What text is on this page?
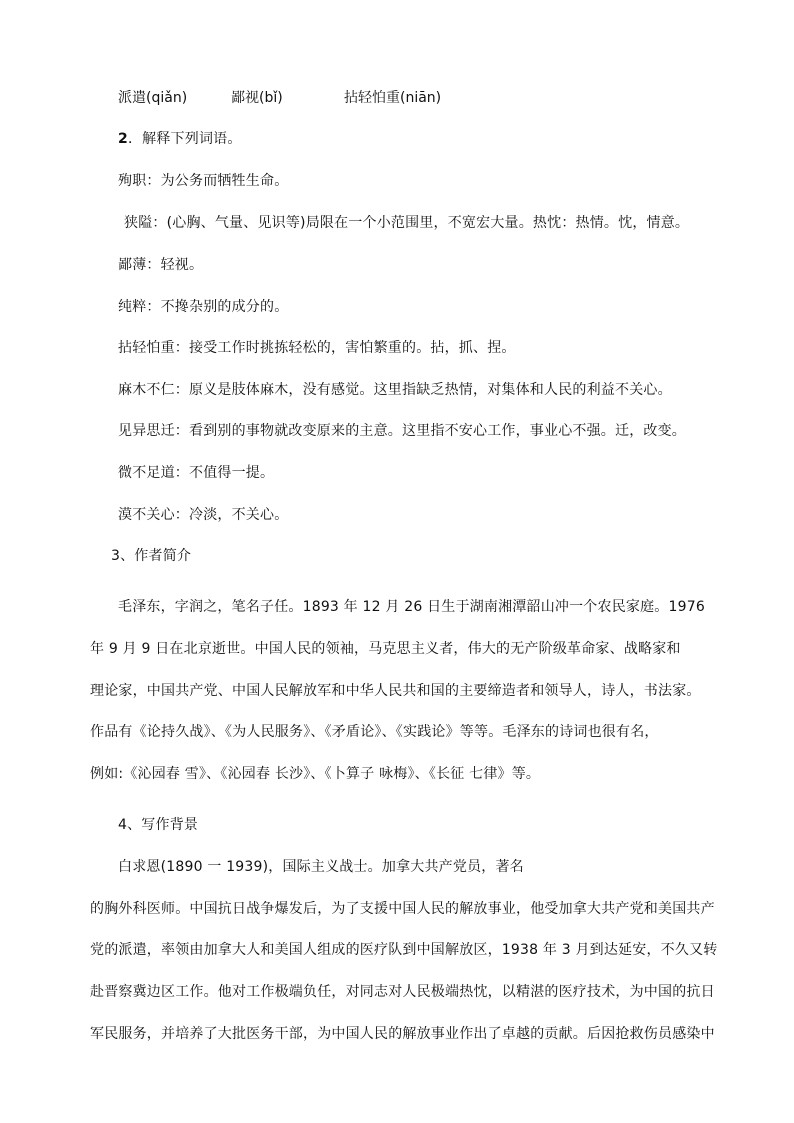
派遣(qiǎn)	鄙视(bǐ)	拈轻怕重(niān)
2．解释下列词语。
殉职：为公务而牺牲生命。
狭隘：(心胸、气量、见识等)局限在一个小范围里，不宽宏大量。热忱：热情。忱，情意。
鄙薄：轻视。
纯粹：不搀杂别的成分的。
拈轻怕重：接受工作时挑拣轻松的，害怕繁重的。拈，抓、捏。
麻木不仁：原义是肢体麻木，没有感觉。这里指缺乏热情，对集体和人民的利益不关心。
见异思迁：看到别的事物就改变原来的主意。这里指不安心工作，事业心不强。迁，改变。
微不足道：不值得一提。
漠不关心：冷淡，不关心。
3、作者简介
毛泽东，字润之，笔名子任。1893 年 12 月 26 日生于湖南湘潭韶山冲一个农民家庭。1976
年 9 月 9 日在北京逝世。中国人民的领袖，马克思主义者，伟大的无产阶级革命家、战略家和
理论家，中国共产党、中国人民解放军和中华人民共和国的主要缔造者和领导人，诗人，书法家。
作品有《论持久战》、《为人民服务》、《矛盾论》、《实践论》等等。毛泽东的诗词也很有名，
例如:《沁园春 雪》、《沁园春 长沙》、《卜算子 咏梅》、《长征 七律》等。
4、写作背景
白求恩(1890 一 1939)，国际主义战士。加拿大共产党员，著名
的胸外科医师。中国抗日战争爆发后，为了支援中国人民的解放事业，他受加拿大共产党和美国共产
党的派遣，率领由加拿大人和美国人组成的医疗队到中国解放区，1938 年 3 月到达延安，不久又转
赴晋察冀边区工作。他对工作极端负任，对同志对人民极端热忱，以精湛的医疗技术，为中国的抗日
军民服务，并培养了大批医务干部，为中国人民的解放事业作出了卓越的贡献。后因抢救伤员感染中
